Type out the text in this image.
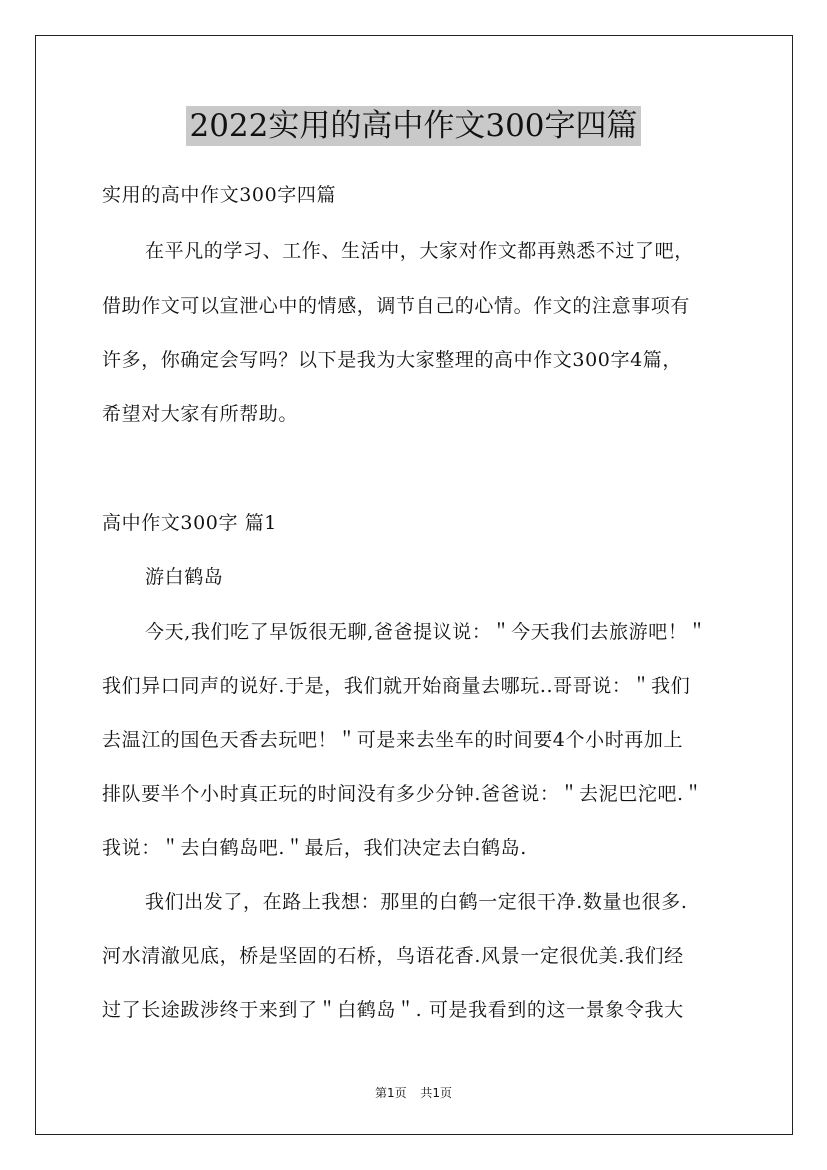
2022实用的高中作文300字四篇
实用的高中作文300字四篇
在平凡的学习、工作、生活中，大家对作文都再熟悉不过了吧，
借助作文可以宣泄心中的情感，调节自己的心情。作文的注意事项有
许多，你确定会写吗？以下是我为大家整理的高中作文300字4篇，
希望对大家有所帮助。
高中作文300字 篇1
游白鹤岛
今天,我们吃了早饭很无聊,爸爸提议说：＂今天我们去旅游吧！＂
我们异口同声的说好.于是，我们就开始商量去哪玩..哥哥说：＂我们
去温江的国色天香去玩吧！＂可是来去坐车的时间要4个小时再加上
排队要半个小时真正玩的时间没有多少分钟.爸爸说：＂去泥巴沱吧.＂
我说：＂去白鹤岛吧.＂最后，我们决定去白鹤岛.
我们出发了，在路上我想：那里的白鹤一定很干净.数量也很多.
河水清澈见底，桥是坚固的石桥，鸟语花香.风景一定很优美.我们经
过了长途跋涉终于来到了＂白鹤岛＂. 可是我看到的这一景象令我大
第1页 共1页
